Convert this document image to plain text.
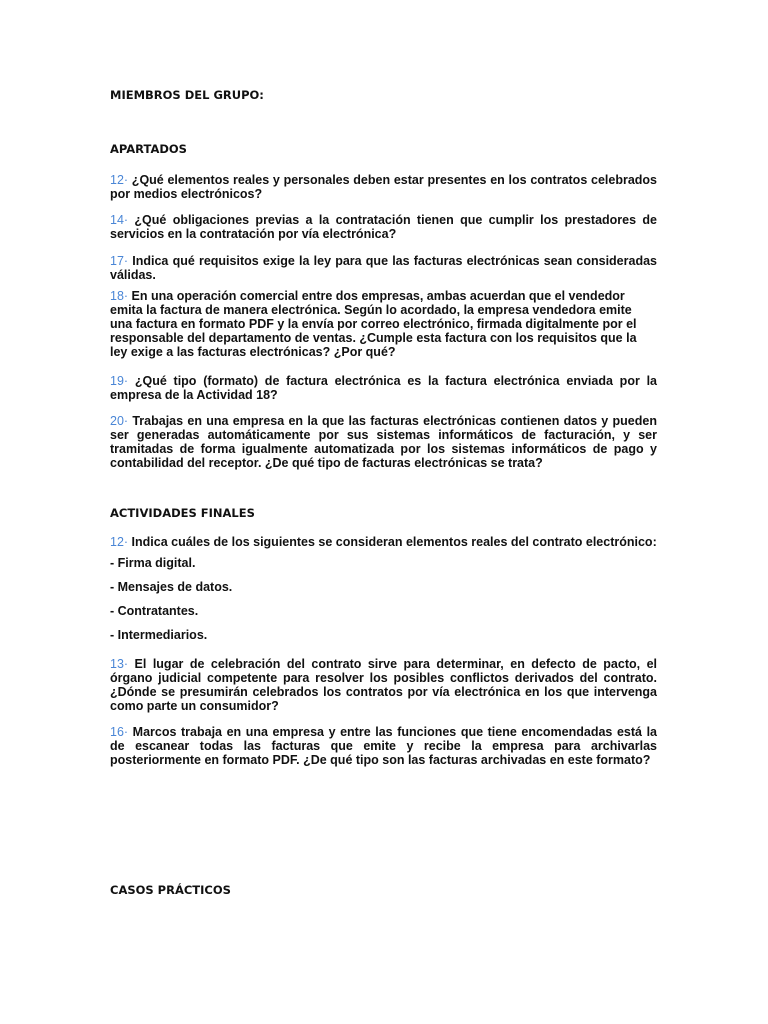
MIEMBROS DEL GRUPO:
APARTADOS
12· ¿Qué elementos reales y personales deben estar presentes en los contratos celebrados por medios electrónicos?
14· ¿Qué obligaciones previas a la contratación tienen que cumplir los prestadores de servicios en la contratación por vía electrónica?
17· Indica qué requisitos exige la ley para que las facturas electrónicas sean consideradas válidas.
18· En una operación comercial entre dos empresas, ambas acuerdan que el vendedor emita la factura de manera electrónica. Según lo acordado, la empresa vendedora emite una factura en formato PDF y la envía por correo electrónico, firmada digitalmente por el responsable del departamento de ventas. ¿Cumple esta factura con los requisitos que la ley exige a las facturas electrónicas? ¿Por qué?
19· ¿Qué tipo (formato) de factura electrónica es la factura electrónica enviada por la empresa de la Actividad 18?
20· Trabajas en una empresa en la que las facturas electrónicas contienen datos y pueden ser generadas automáticamente por sus sistemas informáticos de facturación, y ser tramitadas de forma igualmente automatizada por los sistemas informáticos de pago y contabilidad del receptor. ¿De qué tipo de facturas electrónicas se trata?
ACTIVIDADES FINALES
12· Indica cuáles de los siguientes se consideran elementos reales del contrato electrónico:
- Firma digital.
- Mensajes de datos.
- Contratantes.
- Intermediarios.
13· El lugar de celebración del contrato sirve para determinar, en defecto de pacto, el órgano judicial competente para resolver los posibles conflictos derivados del contrato. ¿Dónde se presumirán celebrados los contratos por vía electrónica en los que intervenga como parte un consumidor?
16· Marcos trabaja en una empresa y entre las funciones que tiene encomendadas está la de escanear todas las facturas que emite y recibe la empresa para archivarlas posteriormente en formato PDF. ¿De qué tipo son las facturas archivadas en este formato?
CASOS PRÁCTICOS
